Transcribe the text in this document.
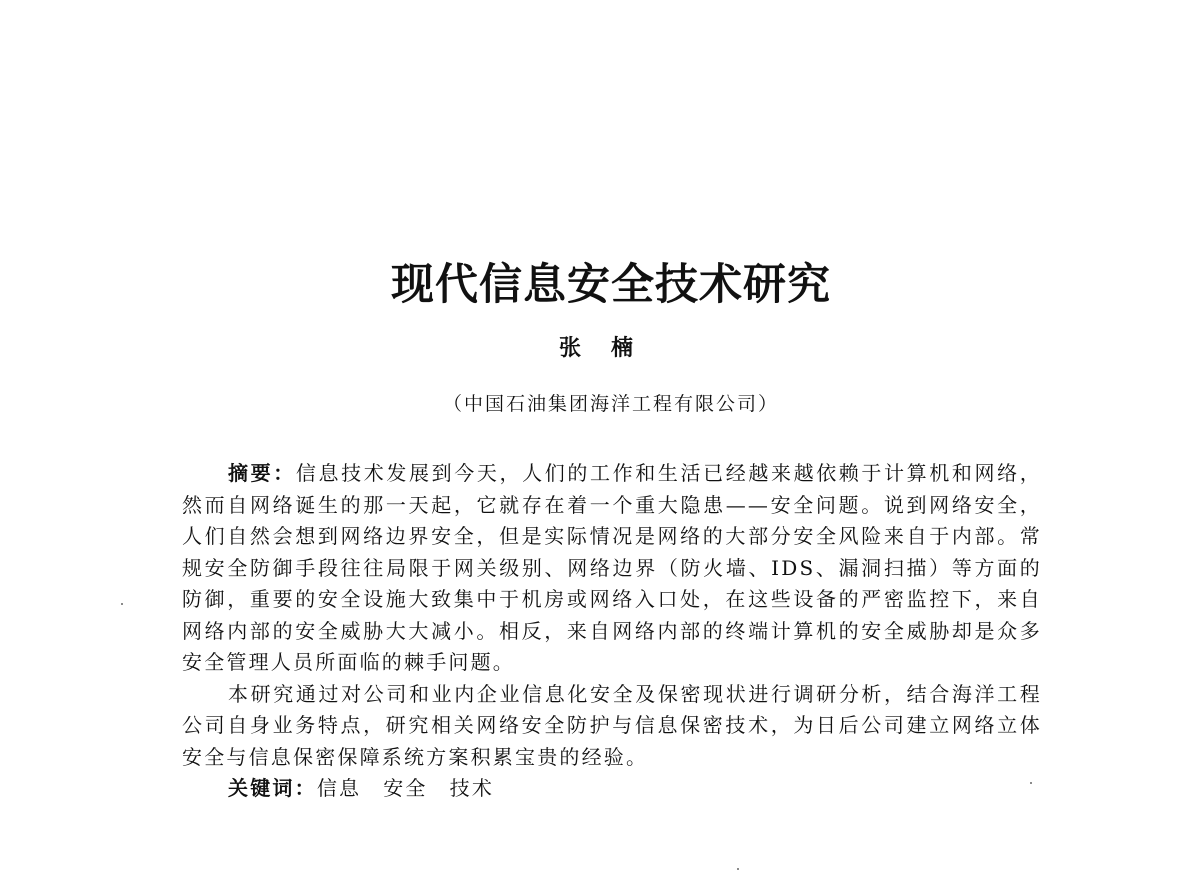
现代信息安全技术研究
张楠
（中国石油集团海洋工程有限公司）

摘要：信息技术发展到今天，人们的工作和生活已经越来越依赖于计算机和网络，然而自网络诞生的那一天起，它就存在着一个重大隐患——安全问题。说到网络安全，人们自然会想到网络边界安全，但是实际情况是网络的大部分安全风险来自于内部。常规安全防御手段往往局限于网关级别、网络边界（防火墙、IDS、漏洞扫描）等方面的防御，重要的安全设施大致集中于机房或网络入口处，在这些设备的严密监控下，来自网络内部的安全威胁大大减小。相反，来自网络内部的终端计算机的安全威胁却是众多安全管理人员所面临的棘手问题。

本研究通过对公司和业内企业信息化安全及保密现状进行调研分析，结合海洋工程公司自身业务特点，研究相关网络安全防护与信息保密技术，为日后公司建立网络立体安全与信息保密保障系统方案积累宝贵的经验。

关键词：信息 安全 技术
